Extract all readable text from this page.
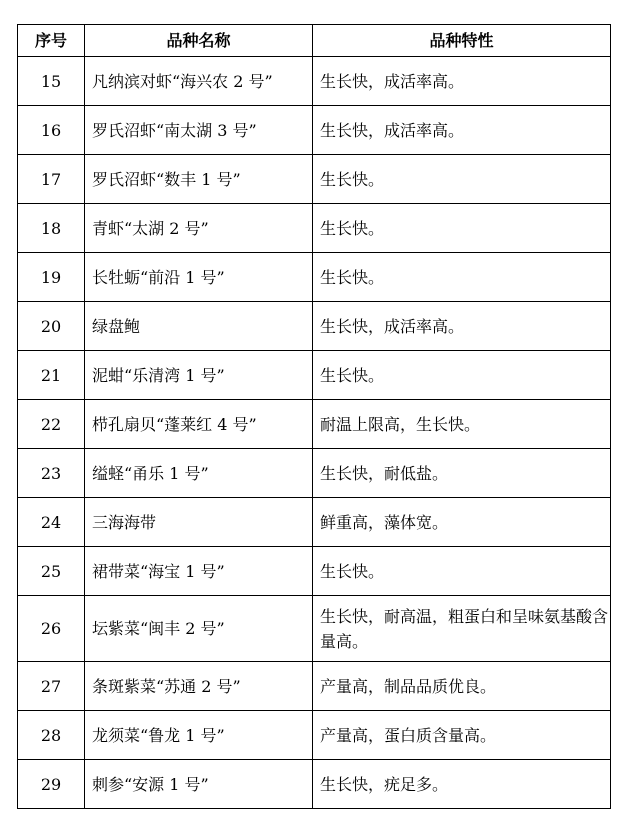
序号	品种名称	品种特性
15	凡纳滨对虾“海兴农 2 号”	生长快，成活率高。
16	罗氏沼虾“南太湖 3 号”	生长快，成活率高。
17	罗氏沼虾“数丰 1 号”	生长快。
18	青虾“太湖 2 号”	生长快。
19	长牡蛎“前沿 1 号”	生长快。
20	绿盘鲍	生长快，成活率高。
21	泥蚶“乐清湾 1 号”	生长快。
22	栉孔扇贝“蓬莱红 4 号”	耐温上限高，生长快。
23	缢蛏“甬乐 1 号”	生长快，耐低盐。
24	三海海带	鲜重高，藻体宽。
25	裙带菜“海宝 1 号”	生长快。
26	坛紫菜“闽丰 2 号”	生长快，耐高温，粗蛋白和呈味氨基酸含量高。
27	条斑紫菜“苏通 2 号”	产量高，制品品质优良。
28	龙须菜“鲁龙 1 号”	产量高，蛋白质含量高。
29	刺参“安源 1 号”	生长快，疣足多。
